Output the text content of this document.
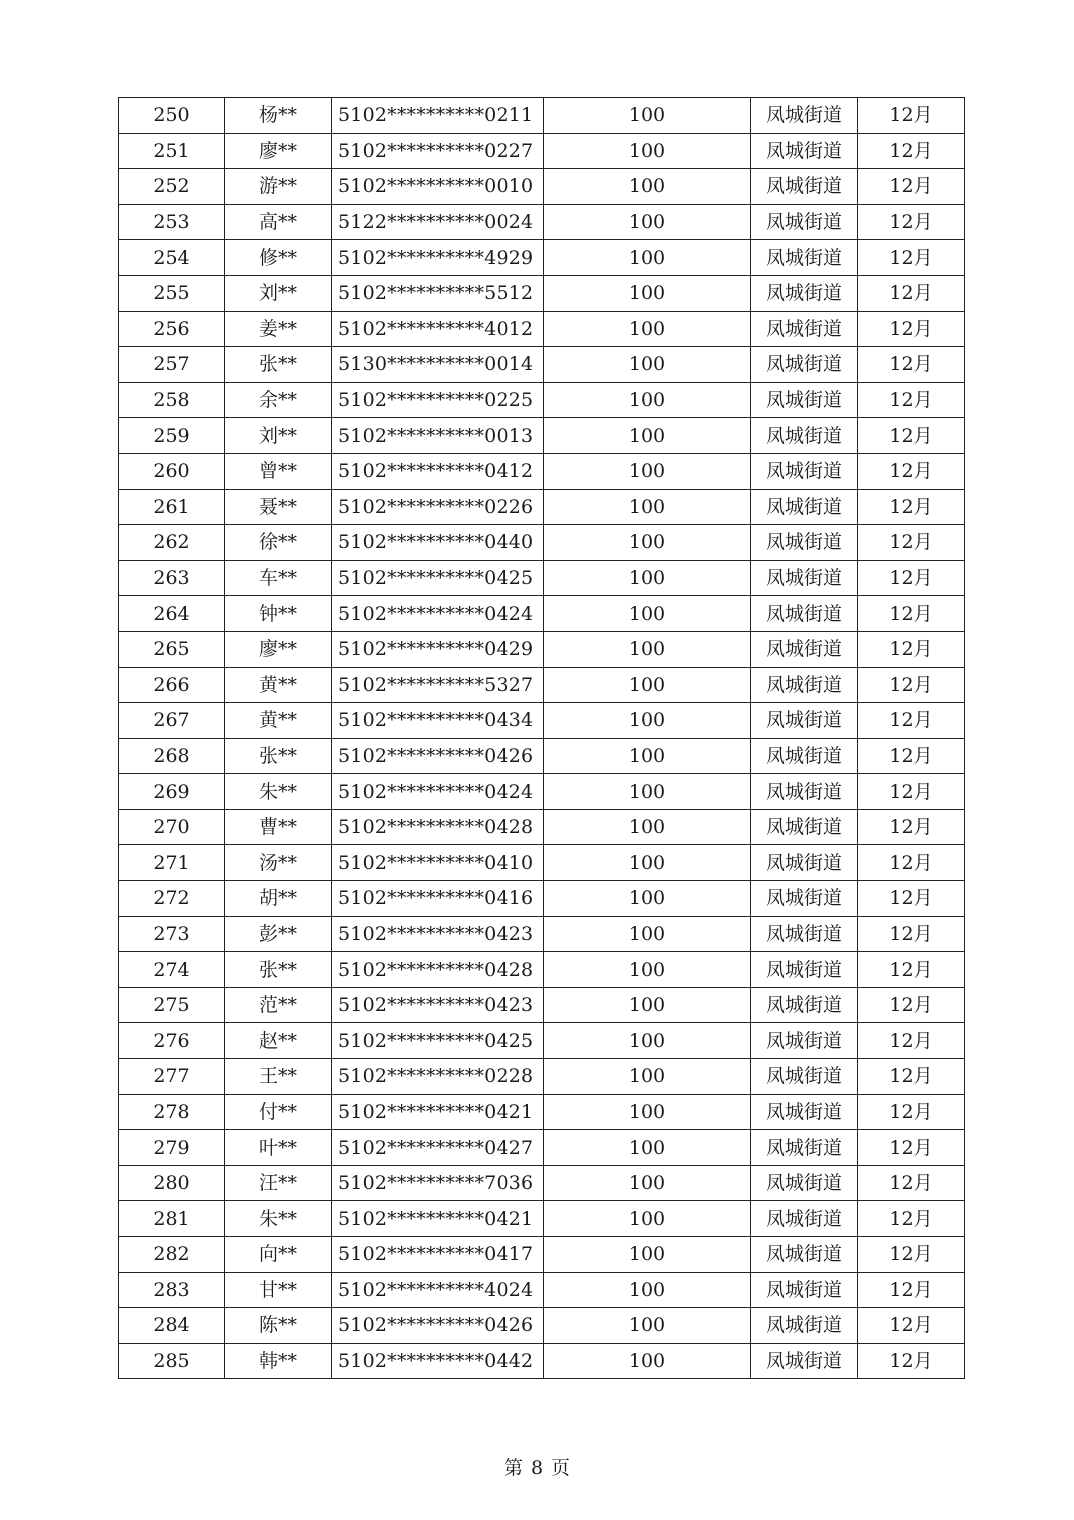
250	杨**	5102**********0211	100	凤城街道	12月
251	廖**	5102**********0227	100	凤城街道	12月
252	游**	5102**********0010	100	凤城街道	12月
253	高**	5122**********0024	100	凤城街道	12月
254	修**	5102**********4929	100	凤城街道	12月
255	刘**	5102**********5512	100	凤城街道	12月
256	姜**	5102**********4012	100	凤城街道	12月
257	张**	5130**********0014	100	凤城街道	12月
258	余**	5102**********0225	100	凤城街道	12月
259	刘**	5102**********0013	100	凤城街道	12月
260	曾**	5102**********0412	100	凤城街道	12月
261	聂**	5102**********0226	100	凤城街道	12月
262	徐**	5102**********0440	100	凤城街道	12月
263	车**	5102**********0425	100	凤城街道	12月
264	钟**	5102**********0424	100	凤城街道	12月
265	廖**	5102**********0429	100	凤城街道	12月
266	黄**	5102**********5327	100	凤城街道	12月
267	黄**	5102**********0434	100	凤城街道	12月
268	张**	5102**********0426	100	凤城街道	12月
269	朱**	5102**********0424	100	凤城街道	12月
270	曹**	5102**********0428	100	凤城街道	12月
271	汤**	5102**********0410	100	凤城街道	12月
272	胡**	5102**********0416	100	凤城街道	12月
273	彭**	5102**********0423	100	凤城街道	12月
274	张**	5102**********0428	100	凤城街道	12月
275	范**	5102**********0423	100	凤城街道	12月
276	赵**	5102**********0425	100	凤城街道	12月
277	王**	5102**********0228	100	凤城街道	12月
278	付**	5102**********0421	100	凤城街道	12月
279	叶**	5102**********0427	100	凤城街道	12月
280	汪**	5102**********7036	100	凤城街道	12月
281	朱**	5102**********0421	100	凤城街道	12月
282	向**	5102**********0417	100	凤城街道	12月
283	甘**	5102**********4024	100	凤城街道	12月
284	陈**	5102**********0426	100	凤城街道	12月
285	韩**	5102**********0442	100	凤城街道	12月
第 8 页
